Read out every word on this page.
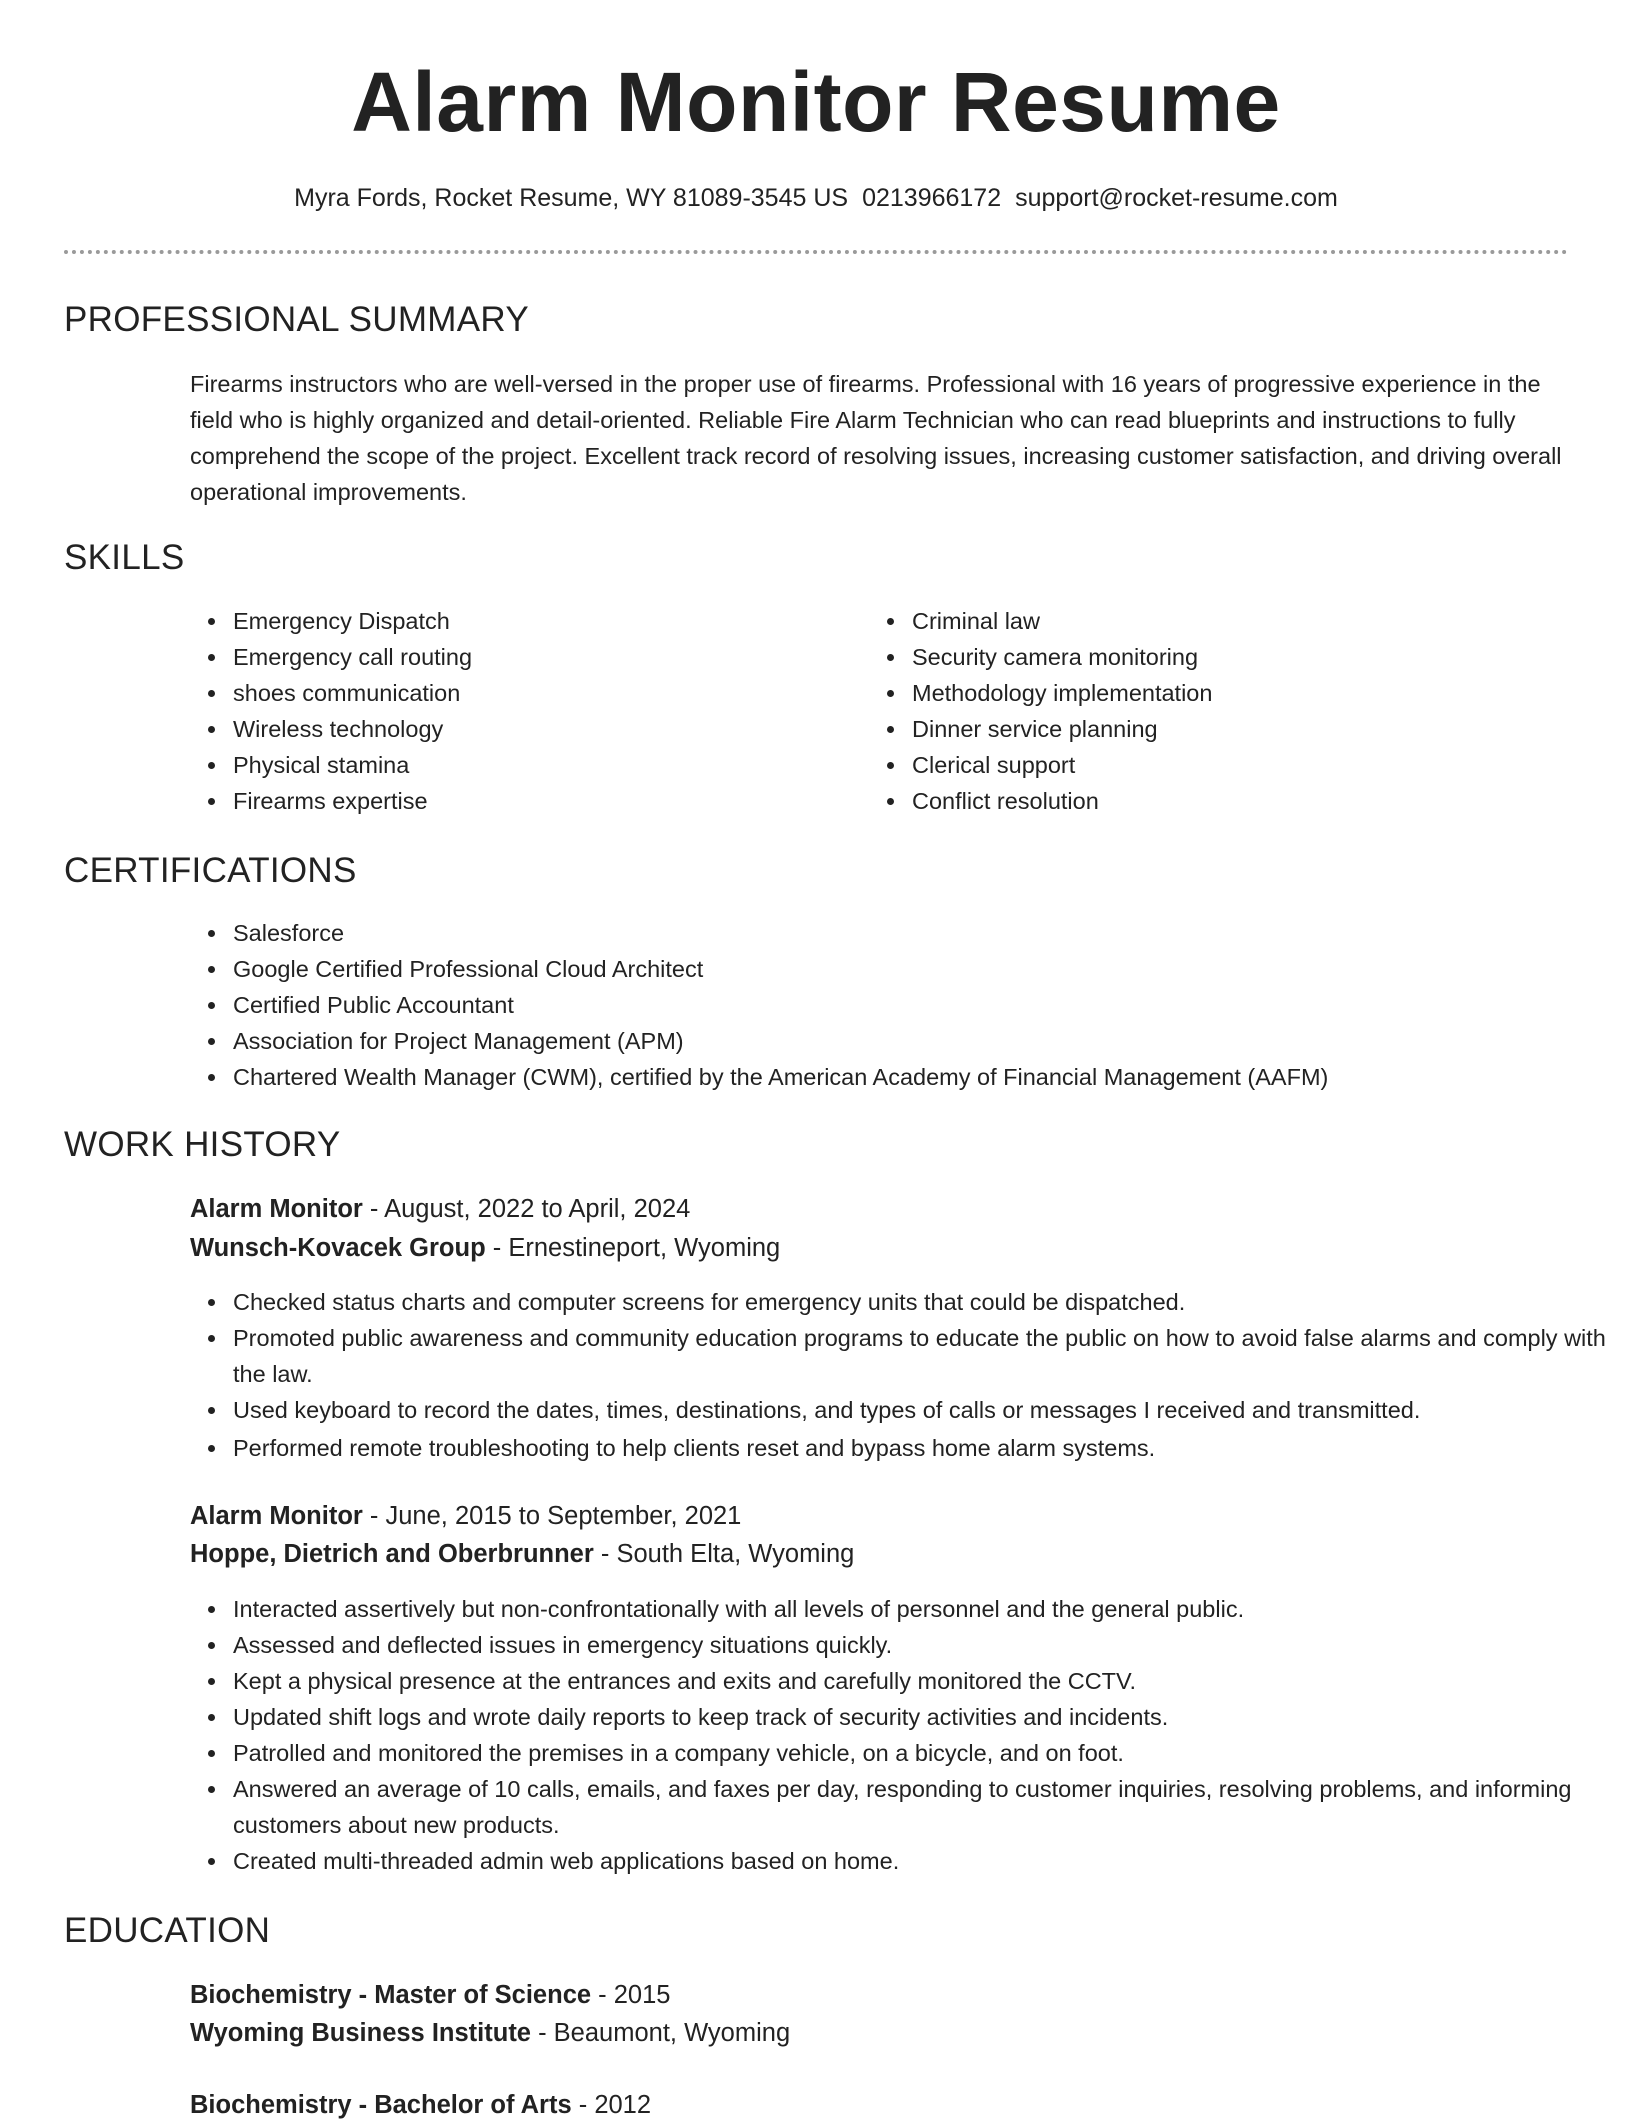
Alarm Monitor Resume
Myra Fords, Rocket Resume, WY 81089-3545 US 0213966172 support@rocket-resume.com
PROFESSIONAL SUMMARY
Firearms instructors who are well-versed in the proper use of firearms. Professional with 16 years of progressive experience in the field who is highly organized and detail-oriented. Reliable Fire Alarm Technician who can read blueprints and instructions to fully comprehend the scope of the project. Excellent track record of resolving issues, increasing customer satisfaction, and driving overall operational improvements.
SKILLS
Emergency Dispatch
Emergency call routing
shoes communication
Wireless technology
Physical stamina
Firearms expertise
Criminal law
Security camera monitoring
Methodology implementation
Dinner service planning
Clerical support
Conflict resolution
CERTIFICATIONS
Salesforce
Google Certified Professional Cloud Architect
Certified Public Accountant
Association for Project Management (APM)
Chartered Wealth Manager (CWM), certified by the American Academy of Financial Management (AAFM)
WORK HISTORY
Alarm Monitor - August, 2022 to April, 2024
Wunsch-Kovacek Group - Ernestineport, Wyoming
Checked status charts and computer screens for emergency units that could be dispatched.
Promoted public awareness and community education programs to educate the public on how to avoid false alarms and comply with the law.
Used keyboard to record the dates, times, destinations, and types of calls or messages I received and transmitted.
Performed remote troubleshooting to help clients reset and bypass home alarm systems.
Alarm Monitor - June, 2015 to September, 2021
Hoppe, Dietrich and Oberbrunner - South Elta, Wyoming
Interacted assertively but non-confrontationally with all levels of personnel and the general public.
Assessed and deflected issues in emergency situations quickly.
Kept a physical presence at the entrances and exits and carefully monitored the CCTV.
Updated shift logs and wrote daily reports to keep track of security activities and incidents.
Patrolled and monitored the premises in a company vehicle, on a bicycle, and on foot.
Answered an average of 10 calls, emails, and faxes per day, responding to customer inquiries, resolving problems, and informing customers about new products.
Created multi-threaded admin web applications based on home.
EDUCATION
Biochemistry - Master of Science - 2015
Wyoming Business Institute - Beaumont, Wyoming
Biochemistry - Bachelor of Arts - 2012
